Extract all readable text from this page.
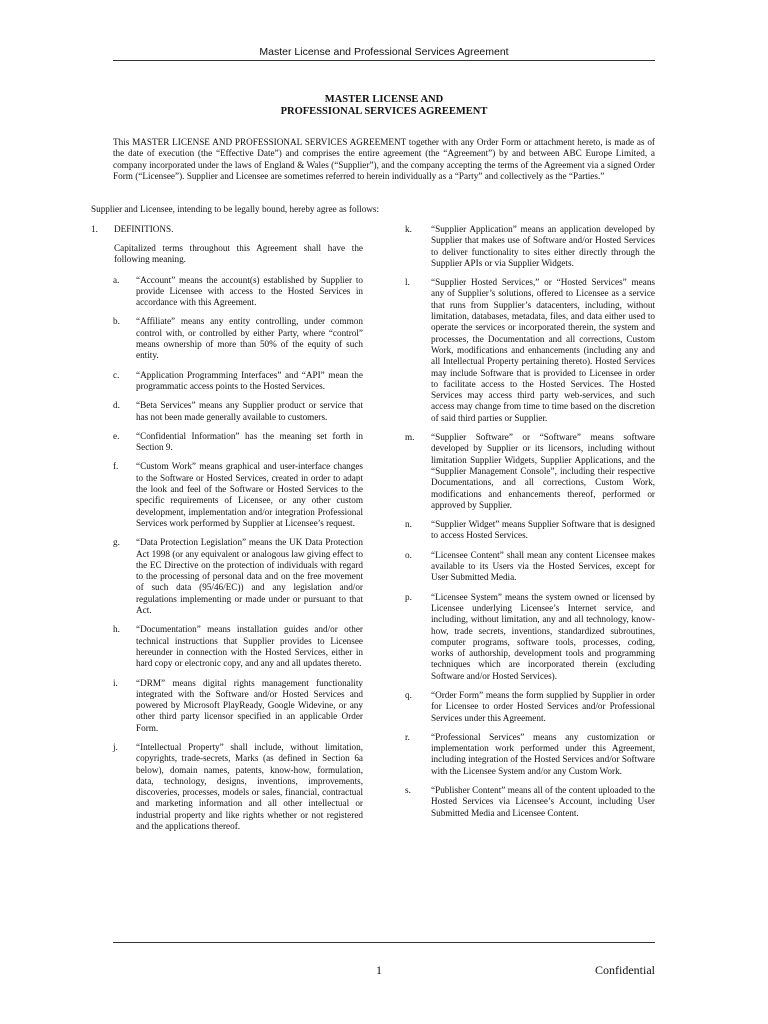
Master License and Professional Services Agreement
MASTER LICENSE AND
PROFESSIONAL SERVICES AGREEMENT

This MASTER LICENSE AND PROFESSIONAL SERVICES AGREEMENT together with any Order Form or attachment hereto, is made as of the date of execution (the “Effective Date”) and comprises the entire agreement (the “Agreement”) by and between ABC Europe Limited, a company incorporated under the laws of England & Wales (“Supplier”), and the company accepting the terms of the Agreement via a signed Order Form (“Licensee”). Supplier and Licensee are sometimes referred to herein individually as a “Party” and collectively as the “Parties.”

Supplier and Licensee, intending to be legally bound, hereby agree as follows:

1. DEFINITIONS.
Capitalized terms throughout this Agreement shall have the following meaning.
a. “Account” means the account(s) established by Supplier to provide Licensee with access to the Hosted Services in accordance with this Agreement.
b. “Affiliate” means any entity controlling, under common control with, or controlled by either Party, where “control” means ownership of more than 50% of the equity of such entity.
c. “Application Programming Interfaces” and “API” mean the programmatic access points to the Hosted Services.
d. “Beta Services” means any Supplier product or service that has not been made generally available to customers.
e. “Confidential Information” has the meaning set forth in Section 9.
f. “Custom Work” means graphical and user-interface changes to the Software or Hosted Services, created in order to adapt the look and feel of the Software or Hosted Services to the specific requirements of Licensee, or any other custom development, implementation and/or integration Professional Services work performed by Supplier at Licensee’s request.
g. “Data Protection Legislation” means the UK Data Protection Act 1998 (or any equivalent or analogous law giving effect to the EC Directive on the protection of individuals with regard to the processing of personal data and on the free movement of such data (95/46/EC)) and any legislation and/or regulations implementing or made under or pursuant to that Act.
h. “Documentation” means installation guides and/or other technical instructions that Supplier provides to Licensee hereunder in connection with the Hosted Services, either in hard copy or electronic copy, and any and all updates thereto.
i. “DRM” means digital rights management functionality integrated with the Software and/or Hosted Services and powered by Microsoft PlayReady, Google Widevine, or any other third party licensor specified in an applicable Order Form.
j. “Intellectual Property” shall include, without limitation, copyrights, trade-secrets, Marks (as defined in Section 6a below), domain names, patents, know-how, formulation, data, technology, designs, inventions, improvements, discoveries, processes, models or sales, financial, contractual and marketing information and all other intellectual or industrial property and like rights whether or not registered and the applications thereof.
k. “Supplier Application” means an application developed by Supplier that makes use of Software and/or Hosted Services to deliver functionality to sites either directly through the Supplier APIs or via Supplier Widgets.
l. “Supplier Hosted Services,” or “Hosted Services” means any of Supplier’s solutions, offered to Licensee as a service that runs from Supplier’s datacenters, including, without limitation, databases, metadata, files, and data either used to operate the services or incorporated therein, the system and processes, the Documentation and all corrections, Custom Work, modifications and enhancements (including any and all Intellectual Property pertaining thereto). Hosted Services may include Software that is provided to Licensee in order to facilitate access to the Hosted Services. The Hosted Services may access third party web-services, and such access may change from time to time based on the discretion of said third parties or Supplier.
m. “Supplier Software” or “Software” means software developed by Supplier or its licensors, including without limitation Supplier Widgets, Supplier Applications, and the “Supplier Management Console”, including their respective Documentations, and all corrections, Custom Work, modifications and enhancements thereof, performed or approved by Supplier.
n. “Supplier Widget” means Supplier Software that is designed to access Hosted Services.
o. “Licensee Content” shall mean any content Licensee makes available to its Users via the Hosted Services, except for User Submitted Media.
p. “Licensee System” means the system owned or licensed by Licensee underlying Licensee’s Internet service, and including, without limitation, any and all technology, know-how, trade secrets, inventions, standardized subroutines, computer programs, software tools, processes, coding, works of authorship, development tools and programming techniques which are incorporated therein (excluding Software and/or Hosted Services).
q. “Order Form” means the form supplied by Supplier in order for Licensee to order Hosted Services and/or Professional Services under this Agreement.
r. “Professional Services” means any customization or implementation work performed under this Agreement, including integration of the Hosted Services and/or Software with the Licensee System and/or any Custom Work.
s. “Publisher Content” means all of the content uploaded to the Hosted Services via Licensee’s Account, including User Submitted Media and Licensee Content.
1	Confidential
